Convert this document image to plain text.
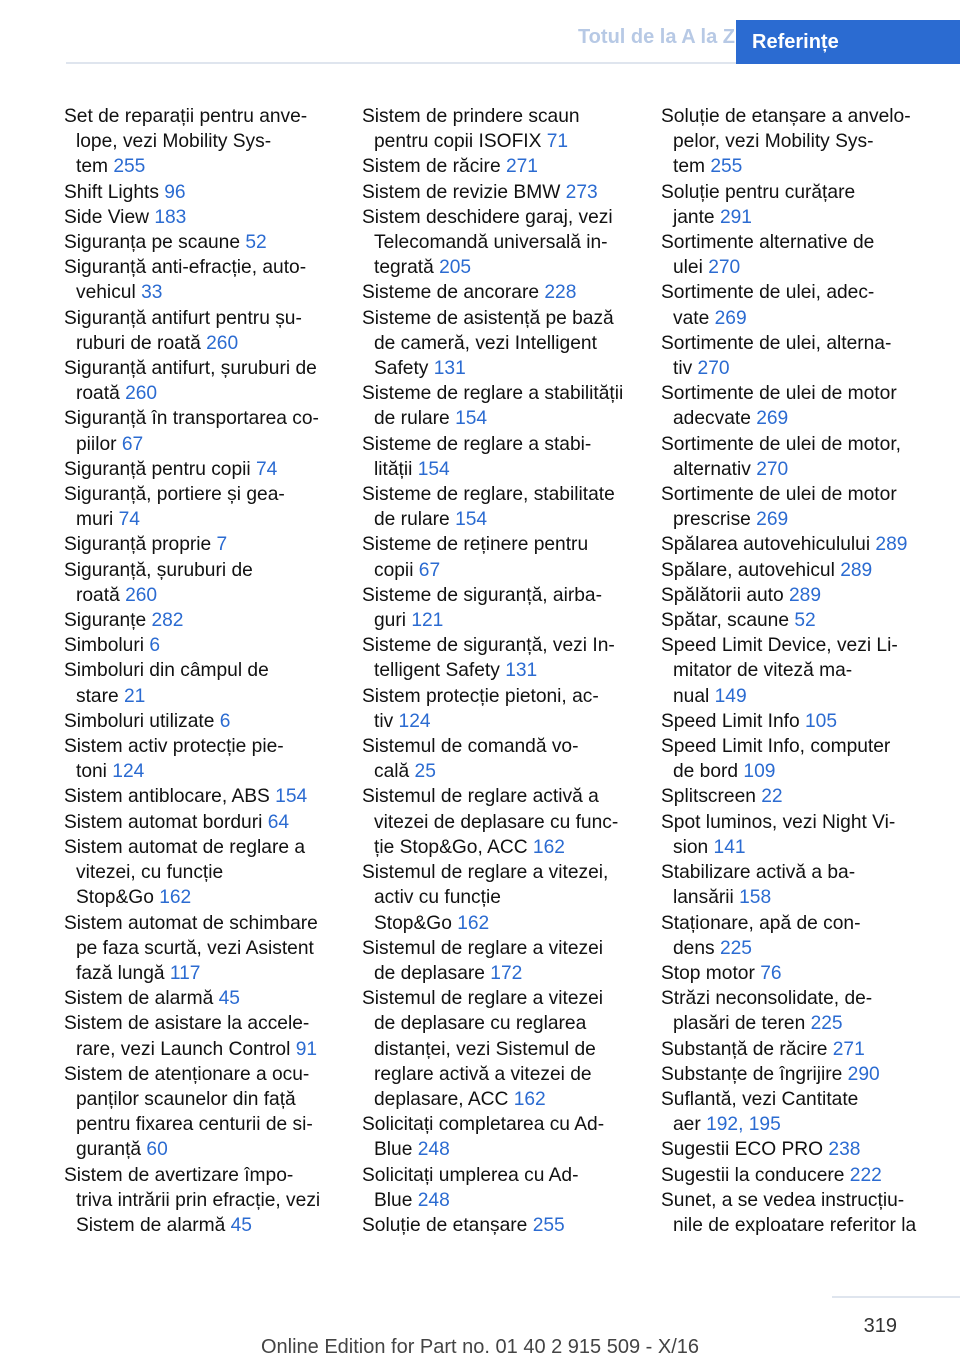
Totul de la A la Z Referințe

Set de reparații pentru anve-
lope, vezi Mobility Sys-
tem 255

Shift Lights 96

Side View 183

Siguranța pe scaune 52

Siguranță anti-efracție, auto-
vehicul 33

Siguranță antifurt pentru șu-
ruburi de roată 260

Siguranță antifurt, șuruburi de
roată 260

Siguranță în transportarea co-
piilor 67

Siguranță pentru copii 74

Siguranță, portiere și gea-
muri 74

Siguranță proprie 7

Siguranță, șuruburi de
roată 260

Siguranțe 282

Simboluri 6

Simboluri din câmpul de
stare 21

Simboluri utilizate 6

Sistem activ protecție pie-
toni 124

Sistem antiblocare, ABS 154

Sistem automat borduri 64

Sistem automat de reglare a
vitezei, cu funcție
Stop&Go 162

Sistem automat de schimbare
pe faza scurtă, vezi Asistent
fază lungă 117

Sistem de alarmă 45

Sistem de asistare la accele-
rare, vezi Launch Control 91

Sistem de atenționare a ocu-
panților scaunelor din față
pentru fixarea centurii de si-
guranță 60

Sistem de avertizare împo-
triva intrării prin efracție, vezi
Sistem de alarmă 45

Sistem de prindere scaun
pentru copii ISOFIX 71

Sistem de răcire 271

Sistem de revizie BMW 273

Sistem deschidere garaj, vezi
Telecomandă universală in-
tegrată 205

Sisteme de ancorare 228

Sisteme de asistență pe bază
de cameră, vezi Intelligent
Safety 131

Sisteme de reglare a stabilității
de rulare 154

Sisteme de reglare a stabi-
lității 154

Sisteme de reglare, stabilitate
de rulare 154

Sisteme de reținere pentru
copii 67

Sisteme de siguranță, airba-
guri 121

Sisteme de siguranță, vezi In-
telligent Safety 131

Sistem protecție pietoni, ac-
tiv 124

Sistemul de comandă vo-
cală 25

Sistemul de reglare activă a
vitezei de deplasare cu func-
ție Stop&Go, ACC 162

Sistemul de reglare a vitezei,
activ cu funcție
Stop&Go 162

Sistemul de reglare a vitezei
de deplasare 172

Sistemul de reglare a vitezei
de deplasare cu reglarea
distanței, vezi Sistemul de
reglare activă a vitezei de
deplasare, ACC 162

Solicitați completarea cu Ad-
Blue 248

Solicitați umplerea cu Ad-
Blue 248

Soluție de etanșare 255

Soluție de etanșare a anvelo-
pelor, vezi Mobility Sys-
tem 255

Soluție pentru curățare
jante 291

Sortimente alternative de
ulei 270

Sortimente de ulei, adec-
vate 269

Sortimente de ulei, alterna-
tiv 270

Sortimente de ulei de motor
adecvate 269

Sortimente de ulei de motor,
alternativ 270

Sortimente de ulei de motor
prescrise 269

Spălarea autovehiculului 289

Spălare, autovehicul 289

Spălătorii auto 289

Spătar, scaune 52

Speed Limit Device, vezi Li-
mitator de viteză ma-
nual 149

Speed Limit Info 105

Speed Limit Info, computer
de bord 109

Splitscreen 22

Spot luminos, vezi Night Vi-
sion 141

Stabilizare activă a ba-
lansării 158

Staționare, apă de con-
dens 225

Stop motor 76

Străzi neconsolidate, de-
plasări de teren 225

Substanță de răcire 271

Substanțe de îngrijire 290

Suflantă, vezi Cantitate
aer 192, 195

Sugestii ECO PRO 238

Sugestii la conducere 222

Sunet, a se vedea instrucțiu-
nile de exploatare referitor la

319
Online Edition for Part no. 01 40 2 915 509 - X/16
